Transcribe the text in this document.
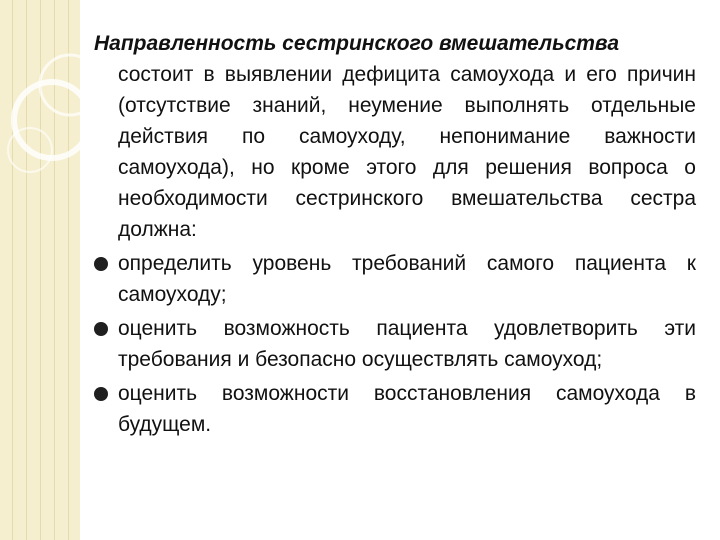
Направленность сестринского вмешательства

состоит в выявлении дефицита самоухода и его причин (отсутствие знаний, неумение выполнять отдельные действия по самоуходу, непонимание важности самоухода), но кроме этого для решения вопроса о необходимости сестринского вмешательства сестра должна:
определить уровень требований самого пациента к самоуходу;
оценить возможность пациента удовлетворить эти требования и безопасно осуществлять самоуход;
оценить возможности восстановления самоухода в будущем.
